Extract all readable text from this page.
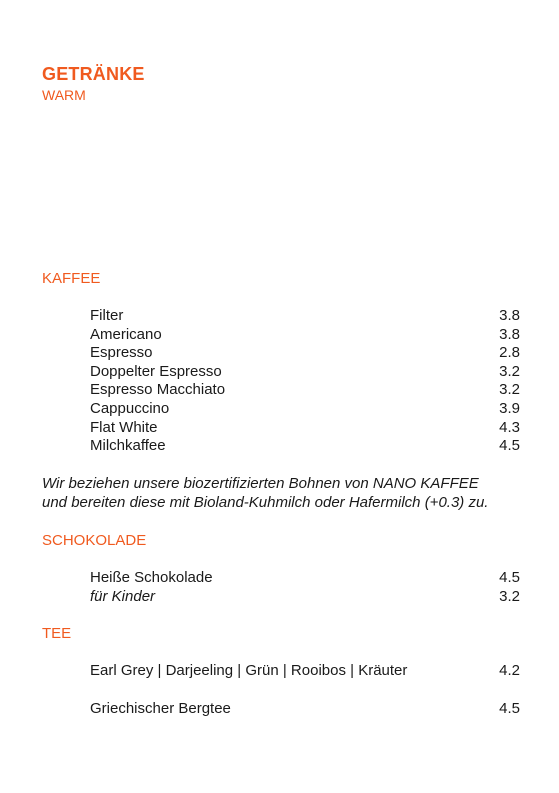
GETRÄNKE
WARM
KAFFEE
Filter	3.8
Americano	3.8
Espresso	2.8
Doppelter Espresso	3.2
Espresso Macchiato	3.2
Cappuccino	3.9
Flat White	4.3
Milchkaffee	4.5

Wir beziehen unsere biozertifizierten Bohnen von NANO KAFFEE
und bereiten diese mit Bioland-Kuhmilch oder Hafermilch (+0.3) zu.

SCHOKOLADE
Heiße Schokolade	4.5
für Kinder	3.2
TEE
Earl Grey | Darjeeling | Grün | Rooibos | Kräuter	4.2
Griechischer Bergtee	4.5
